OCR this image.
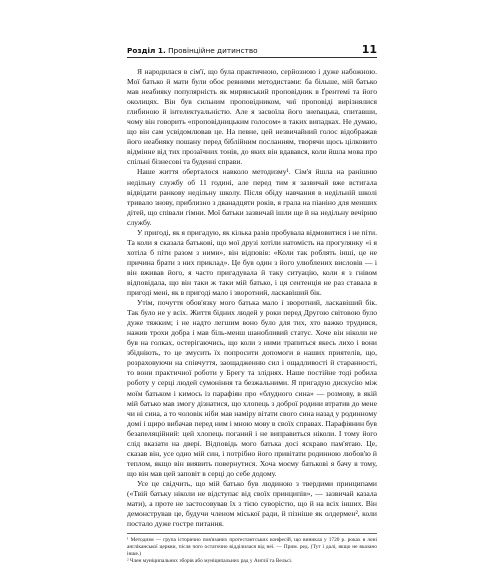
Розділ 1. Провінційне дитинство	11

Я народилася в сім'ї, що була практичною, серйозною і дуже набожною. Мої батько й мати були обоє ревними методистами: ба більше, мій батько мав неабияку популярність як мирянський проповідник в Ґрентемі та його околицях. Він був сильним проповідником, чиї проповіді вирізнялися глибиною й інтелектуальністю. Але я засвоїла його знenацька, спитавши, чому він говорить «проповідницьким голосом» в таких випадках. Не думаю, що він сам усвідомлював це. На певне, цей незвичайний голос відображав його неабияку пошану перед біблійним посланням, творячи щось цілковито відмінне від тих прозаїчних тонів, до яких він вдавався, коли йшла мова про спільні бізнесові та буденні справи.

Наше життя оберталося навколо методизму¹. Сім'я йшла на ранішню недільну службу об 11 годині, але перед тим я зазвичай вже встигала відвідати ранкову недільну школу. Після обіду навчання в недільній школі тривало знову, приблизно з дванадцяти років, я грала на піаніно для менших дітей, що співали гімни. Мої батьки зазвичай ішли ще й на недільну вечірню службу.

У пригоді, як я пригадую, як кілька разів пробувала відмовитися і не піти. Та коли я сказала батькові, що мої друзі хотіли натомість на прогулянку «і я хотіла б піти разом з ними», він відповів: «Коли так роблять інші, це не причина брати з них приклад». Це був один з його улюблених висловів — і він вживав його, я часто пригадувала й таку ситуацію, коли я з гнівом відповідала, що він таки ж таки мій батько, і ця сентенція не раз ставала в пригоді мені, як в пригоді мало і зворотний, ласкавіший бік.

Утім, почуття обов'язку мого батька мало і зворотний, ласкавіший бік. Так було не у всіх. Життя бідних людей у роки перед Другою світовою було дуже тяжким; і не надто легшим воно було для тих, хто важко трудився, нажив трохи добра і мав біль-менш шанобливий статус. Хоче він ніколи не був на голках, остерігаючись, що коли з ними трапиться якесь лихо і вони збідніють, то це змусить їх попросити допомоги в наших приятелів, що, розраховуючи на співчуття, заощадженню сил і ощадливості й старанності, то вони практичної роботи у Брегу та зліднях. Наше постійне тоді робила роботу у серці людей сумоніння та безжальними. Я пригадую дискусію між моїм батьком і кимось із парафіян про «блудного сина» — розмову, в якій мій батько мав змогу дізнатися, що хлопець з доброї родини втратив до мене чи ні сина, а то чоловік ніби мав наміру вітати свого сина назад у родинному домі і щиро вибачав перед ним і мною мову в своїх справах. Парафіянин був безапеляційний: цей хлопець поганий і не виправиться ніколи. І тому його слід вказати на двері. Відповідь мого батька досі яскраво пам'ятаю. Це, сказав він, усе одно мій син, і потрібно його привітати родинною любов'ю й теплом, якщо він виявить повернутися. Хоча моєму батькові я бачу в тому, що він мав цей заповіт в серці до себе додому.

Усе це свідчить, що мій батько був людиною з твердими принципами («Твій батьку ніколи не відступає від своїх принципів», — зазвичай казала мати), а проте не застосовував їх з тією суворістю, що й на всіх інших. Він демонстрував це, будучи членом міської ради, й пізніше як олдермен², коли постало дуже гостре питання.

¹ Методизм — група історично пов'язаних протестантських конфесій, що виникла у 1720 р. роках в лоні англіканської церкви, після чого остаточно відділилася від неї. — Прим. ред. (Тут і далі, якщо не вказано інше.)

² Член муніципальних зборів або муніципальних рад у Англії та Вельсі.
